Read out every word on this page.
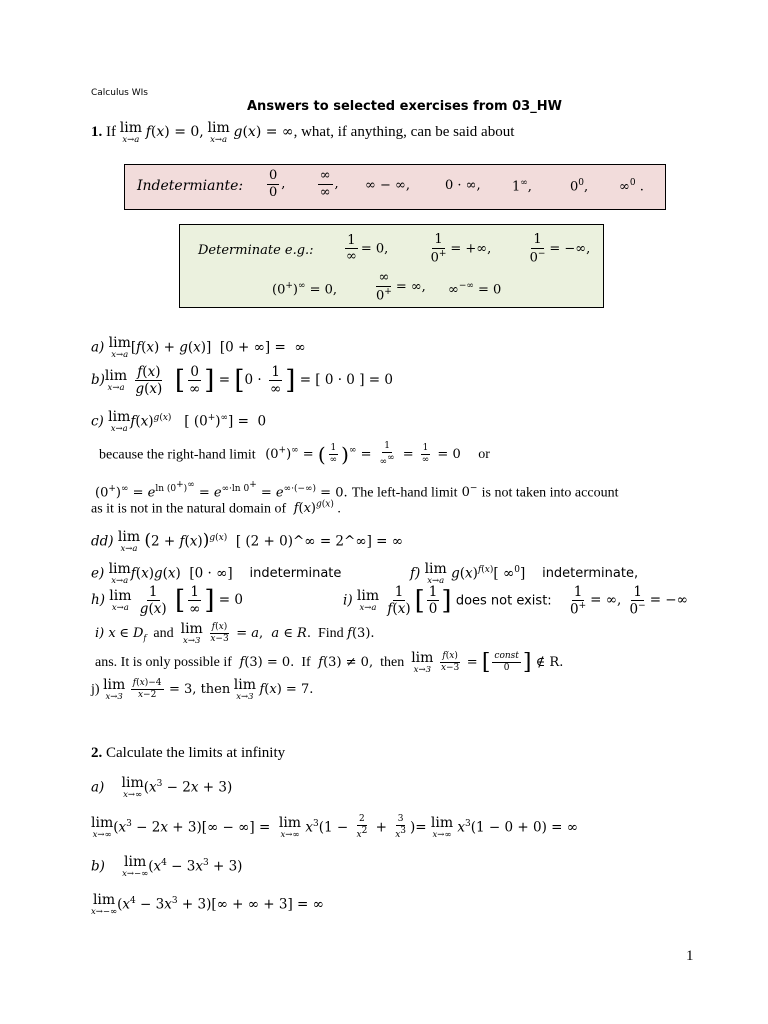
Calculus WIs
Answers to selected exercises from 03_HW
1. If lim
x→a f(x) = 0, lim
x→a g(x) = ∞, what, if anything, can be said about
Indetermiante: $\frac{0}{0}$ , $\frac{\infty}{\infty}$ , ∞ − ∞,	0 · ∞, 1∞,	$0^0$, ∞$^0$ .
Determinate e.g.: $\frac{1}{\infty} = 0$,	$\frac{1}{0^+}$ = +∞,	$\frac{1}{0^-}$ = −∞,
(0+)∞ = 0,	$\frac{\infty}{0^+}$ = ∞, ∞−∞ = 0
a) lim
x→a [f(x) + g(x)]  [0 + ∞] =  ∞
b) lim
x→a
$\frac{f(x)}{g(x)}$ [ $\frac{0}{\infty}$ ] = [$0 \cdot \frac{1}{\infty}$ ] = [ 0 · 0 ] = 0
c) lim
x→a $f(x)^{g(x)}$   [ (0+)∞] =  0
because the right-hand limit (0+)∞ = ( $\frac{1}{\infty} )^\infty = \frac{1}{\infty^\infty} = \frac{1}{\infty} = 0$ or
$(0^+)^\infty = e^{ln (0^+)^\infty} = e^{\infty\cdot ln 0^+} = e^{\infty\cdot(-\infty)} = 0$. The left-hand limit 0− is not taken into account
as it is not in the natural domain of $f(x)^{g(x)}$ .
dd) lim
x→a $(2 + f(x))^{g(x)}$ [ (2 + 0)^∞ = 2^∞] = ∞
e) lim
x→a f(x)g(x)  [0 · ∞]   indeterminate	f) lim
x→a $g(x)^{f(x)}$[ ∞$^0$]   indeterminate,
h) lim
x→a
$\frac{1}{g(x)}$ [ $\frac{1}{\infty}$ ] = 0	i) lim
x→a
$\frac{1}{f(x)}$ [ $\frac{1}{0}$ ] does not exist: $\frac{1}{0^+}$ = ∞, $\frac{1}{0^-}$ = −∞
i) x ∈ $D_f$ and lim
x→3
$\frac{f(x)}{x-3} = a$,  a ∈ R.  Find f(3).
ans. It is only possible if f(3) = 0. If f(3) ≠ 0, then lim
x→3
$\frac{f(x)}{x-3}$ = [ $\frac{\text{const}}{0}$ ] ∉ R.
j) lim
x→3
$\frac{f(x)-4}{x-2} = 3$, then lim
x→3
f(x) = 7.
2. Calculate the limits at infinity
a) lim
x→∞ $(x^3 - 2x + 3)$
lim
x→∞ $(x^3 - 2x + 3)[\infty$ − ∞] = lim
x→∞ $x^3(1 - \frac{2}{x^2} + \frac{3}{x^3}$ )= lim
x→∞ $x^3(1 - 0 + 0)$ = ∞
b) lim
x→−∞ $(x^4 - 3x^3 + 3)$
lim
x→−∞ $(x^4 - 3x^3 + 3)[\infty$ + ∞ + 3] = ∞
1
